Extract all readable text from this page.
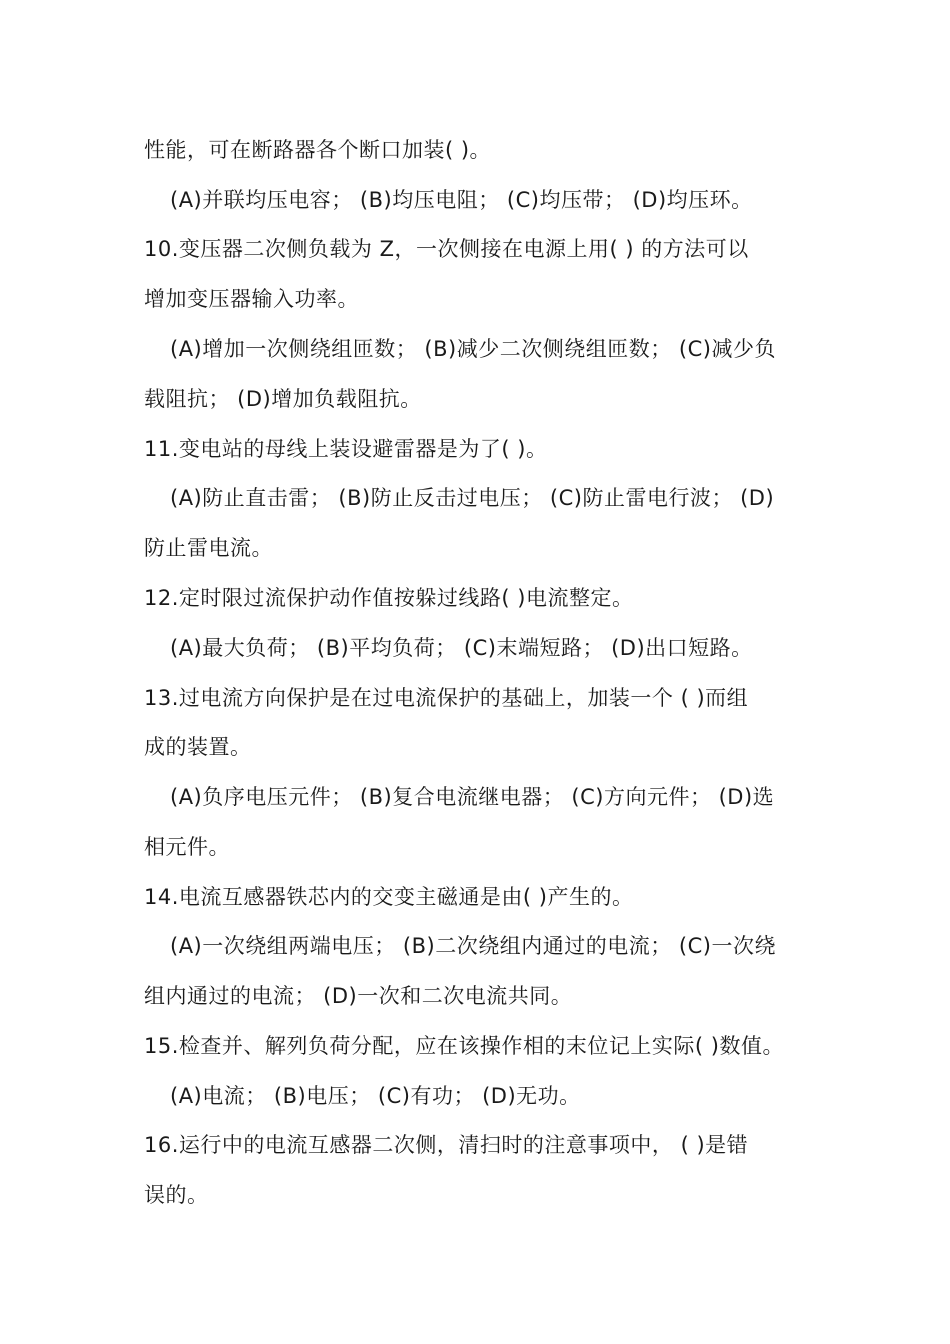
性能，可在断路器各个断口加装( )。
(A)并联均压电容； (B)均压电阻； (C)均压带； (D)均压环。
10.变压器二次侧负载为 Z，一次侧接在电源上用( ) 的方法可以
增加变压器输入功率。
(A)增加一次侧绕组匝数； (B)减少二次侧绕组匝数； (C)减少负
载阻抗； (D)增加负载阻抗。
11.变电站的母线上装设避雷器是为了( )。
(A)防止直击雷； (B)防止反击过电压； (C)防止雷电行波； (D)
防止雷电流。
12.定时限过流保护动作值按躲过线路( )电流整定。
(A)最大负荷； (B)平均负荷； (C)末端短路； (D)出口短路。
13.过电流方向保护是在过电流保护的基础上，加装一个 ( )而组
成的装置。
(A)负序电压元件； (B)复合电流继电器； (C)方向元件； (D)选
相元件。
14.电流互感器铁芯内的交变主磁通是由( )产生的。
(A)一次绕组两端电压； (B)二次绕组内通过的电流； (C)一次绕
组内通过的电流； (D)一次和二次电流共同。
15.检查并、解列负荷分配，应在该操作相的末位记上实际( )数值。
(A)电流； (B)电压； (C)有功； (D)无功。
16.运行中的电流互感器二次侧，清扫时的注意事项中， ( )是错
误的。
